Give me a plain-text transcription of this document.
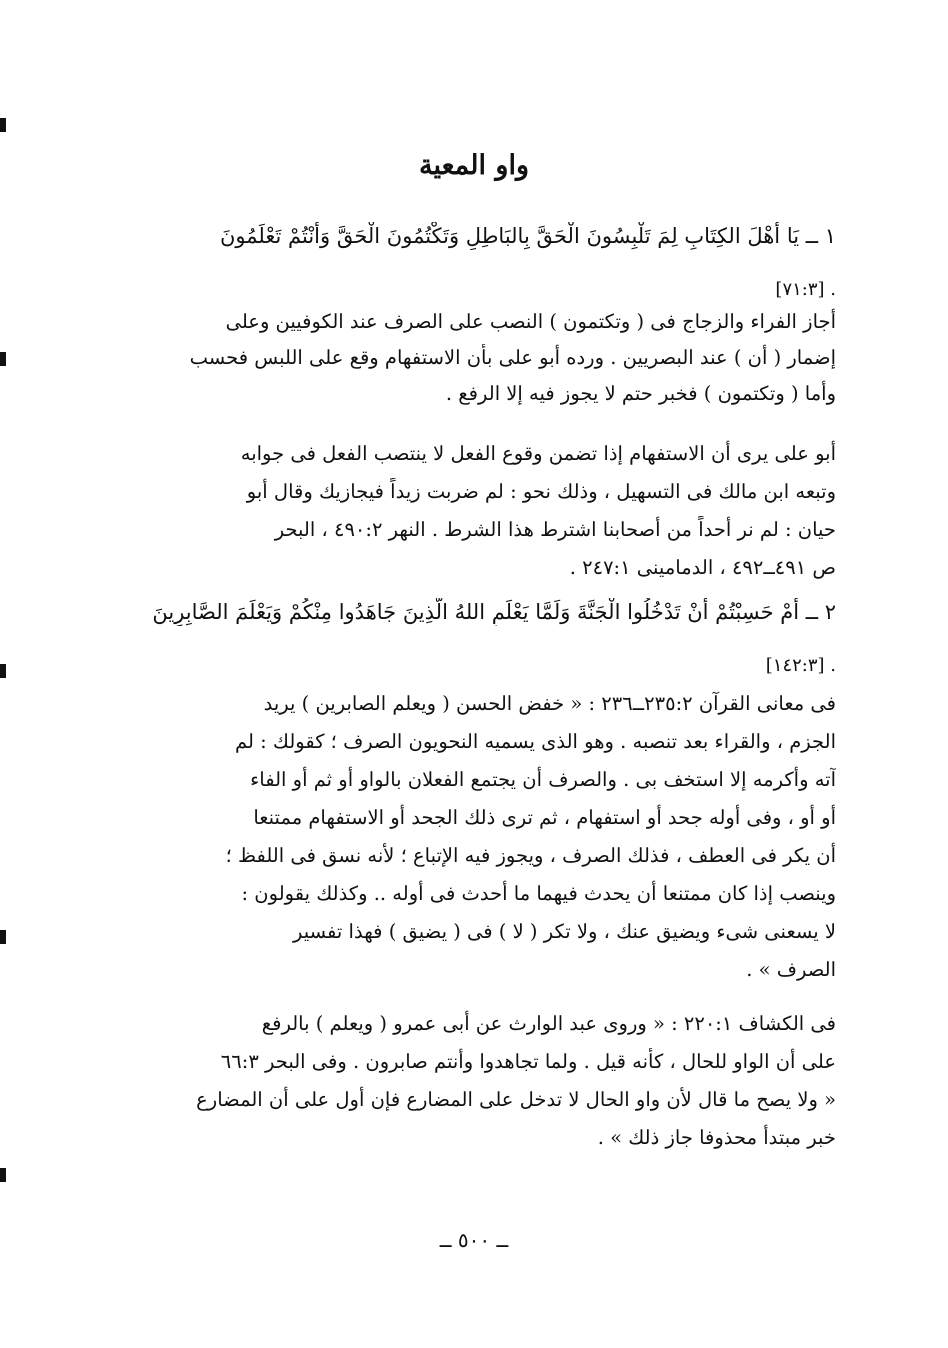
واو المعية
١ ــ يَا أَهْلَ الكِتَابِ لِمَ تَلْبِسُونَ الْحَقَّ بِالبَاطِلِ وَتَكْتُمُونَ الْحَقَّ وَأَنْتُمْ تَعْلَمُونَ
. [٧١:٣]
أجاز الفراء والزجاج فى ( وتكتمون ) النصب على الصرف عند الكوفيين وعلى
إضمار ( أن ) عند البصريين . ورده أبو على بأن الاستفهام وقع على اللبس فحسب
وأما ( وتكتمون ) فخبر حتم لا يجوز فيه إلا الرفع .
أبو على يرى أن الاستفهام إذا تضمن وقوع الفعل لا ينتصب الفعل فى جوابه
وتبعه ابن مالك فى التسهيل ، وذلك نحو : لم ضربت زيداً فيجازيك وقال أبو
حيان : لم نر أحداً من أصحابنا اشترط هذا الشرط . النهر ٤٩٠:٢ ، البحر
ص ٤٩١ــ٤٩٢ ، الدمامينى ٢٤٧:١ .
٢ ــ أَمْ حَسِبْتُمْ أَنْ تَدْخُلُوا الْجَنَّةَ وَلَمَّا يَعْلَمِ اللهُ الَّذِينَ جَاهَدُوا مِنْكُمْ وَيَعْلَمَ الصَّابِرِينَ
. [١٤٢:٣]
فى معانى القرآن ٢٣٥:٢ــ٢٣٦ : « خفض الحسن ( ويعلم الصابرين ) يريد
الجزم ، والقراء بعد تنصبه . وهو الذى يسميه النحويون الصرف ؛ كقولك : لم
آته وأكرمه إلا استخف بى . والصرف أن يجتمع الفعلان بالواو أو ثم أو الفاء
أو أو ، وفى أوله جحد أو استفهام ، ثم ترى ذلك الجحد أو الاستفهام ممتنعا
أن يكر فى العطف ، فذلك الصرف ، ويجوز فيه الإتباع ؛ لأنه نسق فى اللفظ ؛
وينصب إذا كان ممتنعا أن يحدث فيهما ما أحدث فى أوله .. وكذلك يقولون :
لا يسعنى شىء ويضيق عنك ، ولا تكر ( لا ) فى ( يضيق ) فهذا تفسير
الصرف » .
فى الكشاف ٢٢٠:١ : « وروى عبد الوارث عن أبى عمرو ( ويعلم ) بالرفع
على أن الواو للحال ، كأنه قيل . ولما تجاهدوا وأنتم صابرون . وفى البحر ٦٦:٣
« ولا يصح ما قال لأن واو الحال لا تدخل على المضارع فإن أول على أن المضارع
خبر مبتدأ محذوفا جاز ذلك » .
ــ ٥٠٠ ــ
